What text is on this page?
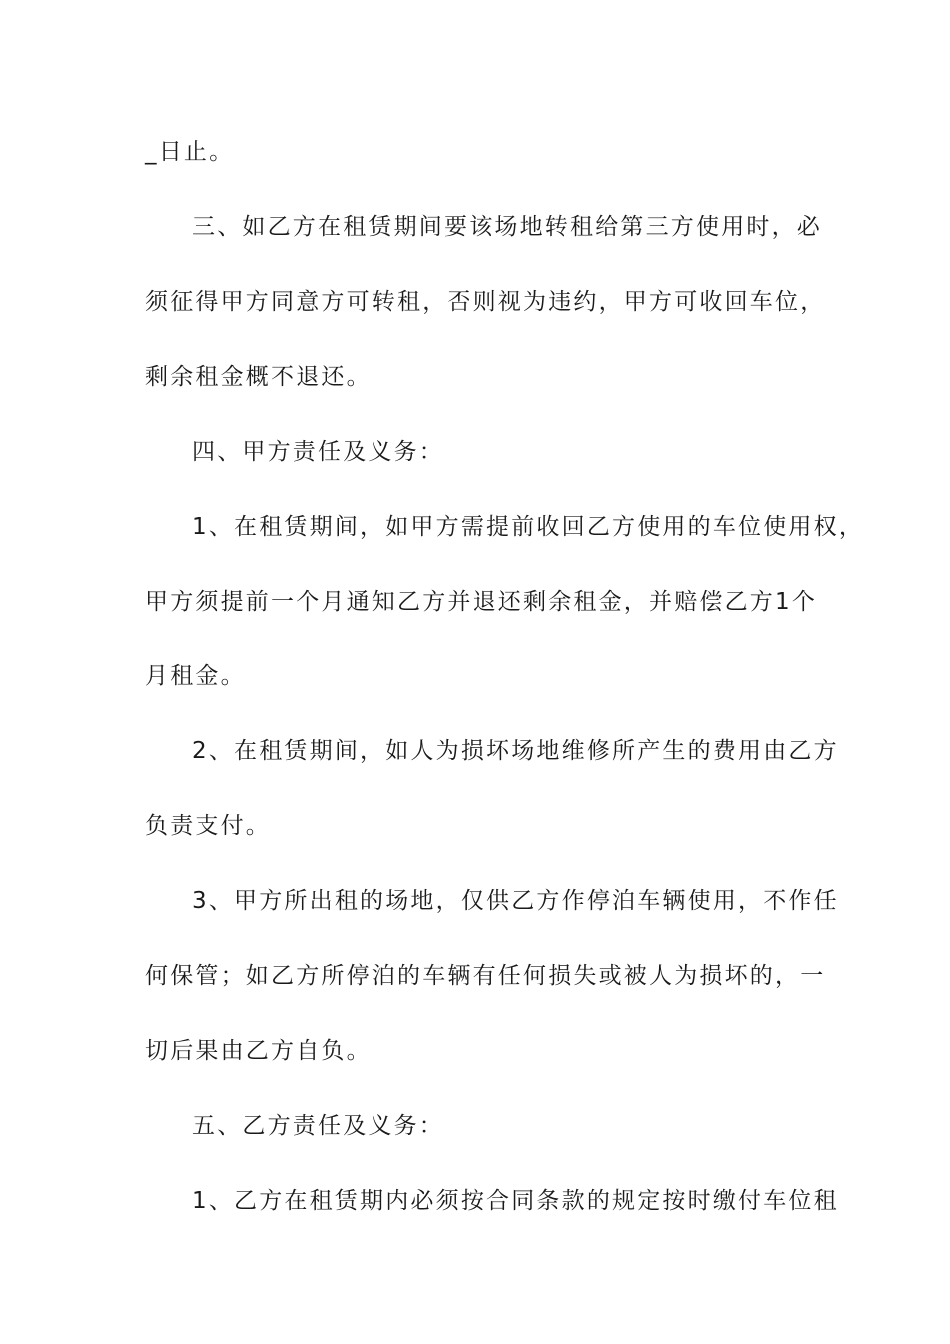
_日止。
三、如乙方在租赁期间要该场地转租给第三方使用时，必
须征得甲方同意方可转租，否则视为违约，甲方可收回车位，
剩余租金概不退还。
四、甲方责任及义务：
1、在租赁期间，如甲方需提前收回乙方使用的车位使用权，
甲方须提前一个月通知乙方并退还剩余租金，并赔偿乙方1个
月租金。
2、在租赁期间，如人为损坏场地维修所产生的费用由乙方
负责支付。
3、甲方所出租的场地，仅供乙方作停泊车辆使用，不作任
何保管；如乙方所停泊的车辆有任何损失或被人为损坏的，一
切后果由乙方自负。
五、乙方责任及义务：
1、乙方在租赁期内必须按合同条款的规定按时缴付车位租
